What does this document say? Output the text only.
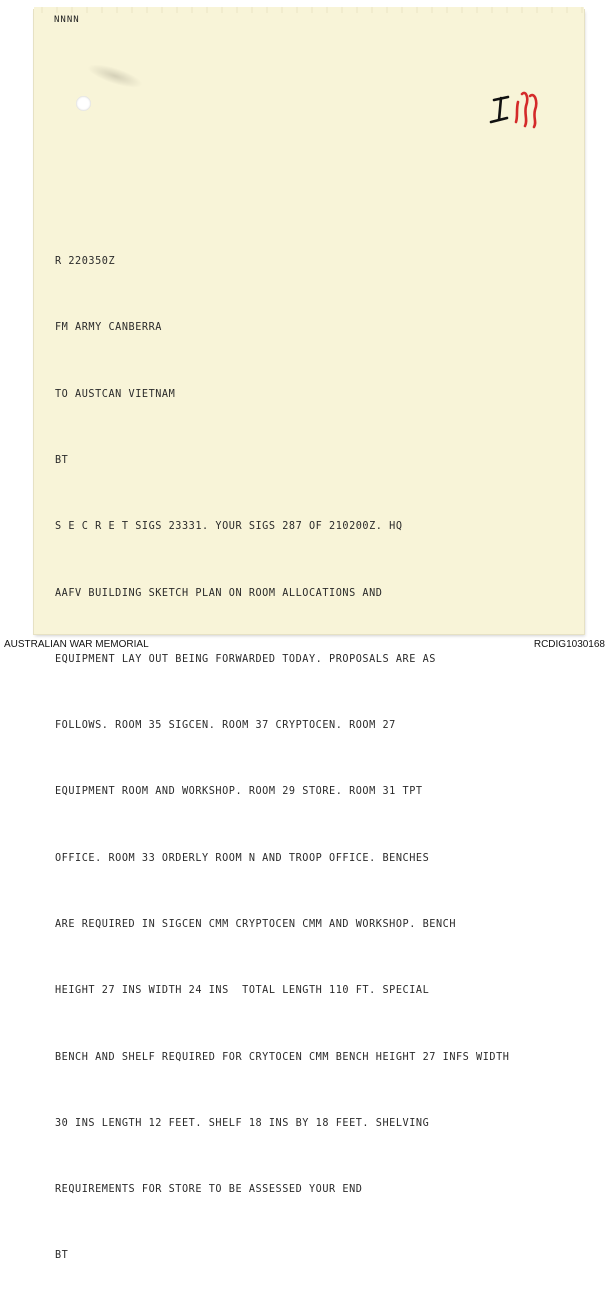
NNNN

R 220350Z

FM ARMY CANBERRA

TO AUSTCAN VIETNAM

BT

S E C R E T SIGS 23331. YOUR SIGS 287 OF 210200Z. HQ

AAFV BUILDING SKETCH PLAN ON ROOM ALLOCATIONS AND

EQUIPMENT LAY OUT BEING FORWARDED TODAY. PROPOSALS ARE AS

FOLLOWS. ROOM 35 SIGCEN. ROOM 37 CRYPTOCEN. ROOM 27

EQUIPMENT ROOM AND WORKSHOP. ROOM 29 STORE. ROOM 31 TPT

OFFICE. ROOM 33 ORDERLY ROOM N AND TROOP OFFICE. BENCHES

ARE REQUIRED IN SIGCEN CMM CRYPTOCEN CMM AND WORKSHOP. BENCH

HEIGHT 27 INS WIDTH 24 INS  TOTAL LENGTH 110 FT. SPECIAL

BENCH AND SHELF REQUIRED FOR CRYTOCEN CMM BENCH HEIGHT 27 INFS WIDTH

30 INS LENGTH 12 FEET. SHELF 18 INS BY 18 FEET. SHELVING

REQUIREMENTS FOR STORE TO BE ASSESSED YOUR END

BT

AUSTRALIAN WAR MEMORIAL	RCDIG1030168
